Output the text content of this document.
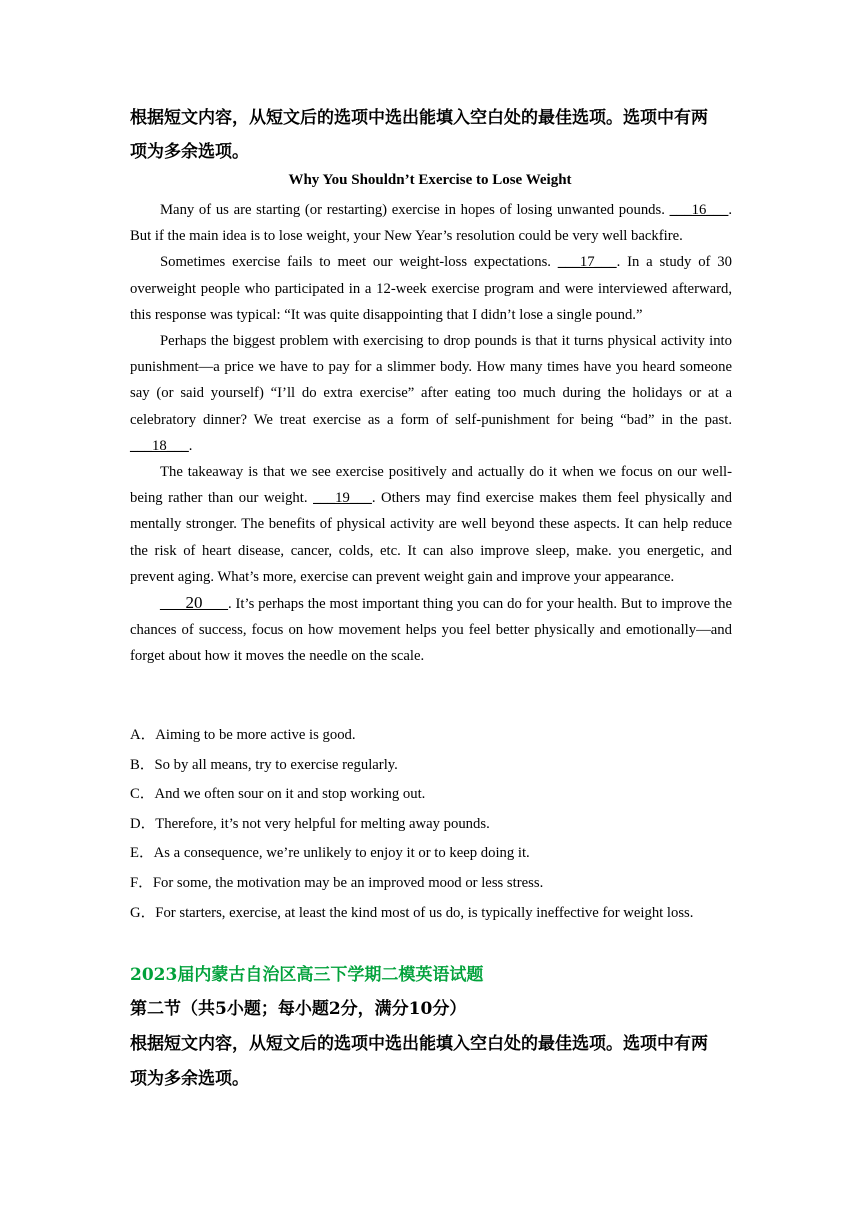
根据短文内容，从短文后的选项中选出能填入空白处的最佳选项。选项中有两
项为多余选项。
Why You Shouldn’t Exercise to Lose Weight

Many of us are starting (or restarting) exercise in hopes of losing unwanted pounds. ___16___. But if the main idea is to lose weight, your New Year’s resolution could be very well backfire.

Sometimes exercise fails to meet our weight-loss expectations. ___17___. In a study of 30 overweight people who participated in a 12-week exercise program and were interviewed afterward, this response was typical: “It was quite disappointing that I didn’t lose a single pound.”

Perhaps the biggest problem with exercising to drop pounds is that it turns physical activity into punishment—a price we have to pay for a slimmer body. How many times have you heard someone say (or said yourself) “I’ll do extra exercise” after eating too much during the holidays or at a celebratory dinner? We treat exercise as a form of self-punishment for being “bad” in the past. ___18___.

The takeaway is that we see exercise positively and actually do it when we focus on our well-being rather than our weight. ___19___. Others may find exercise makes them feel physically and mentally stronger. The benefits of physical activity are well beyond these aspects. It can help reduce the risk of heart disease, cancer, colds, etc. It can also improve sleep, make. you energetic, and prevent aging. What’s more, exercise can prevent weight gain and improve your appearance.

___20___. It’s perhaps the most important thing you can do for your health. But to improve the chances of success, focus on how movement helps you feel better physically and emotionally—and forget about how it moves the needle on the scale.

A．Aiming to be more active is good.
B．So by all means, try to exercise regularly.
C．And we often sour on it and stop working out.
D．Therefore, it’s not very helpful for melting away pounds.
E．As a consequence, we’re unlikely to enjoy it or to keep doing it.
F．For some, the motivation may be an improved mood or less stress.
G．For starters, exercise, at least the kind most of us do, is typically ineffective for weight loss.
2023届内蒙古自治区高三下学期二模英语试题
第二节（共5小题；每小题2分，满分10分）
根据短文内容，从短文后的选项中选出能填入空白处的最佳选项。选项中有两
项为多余选项。
